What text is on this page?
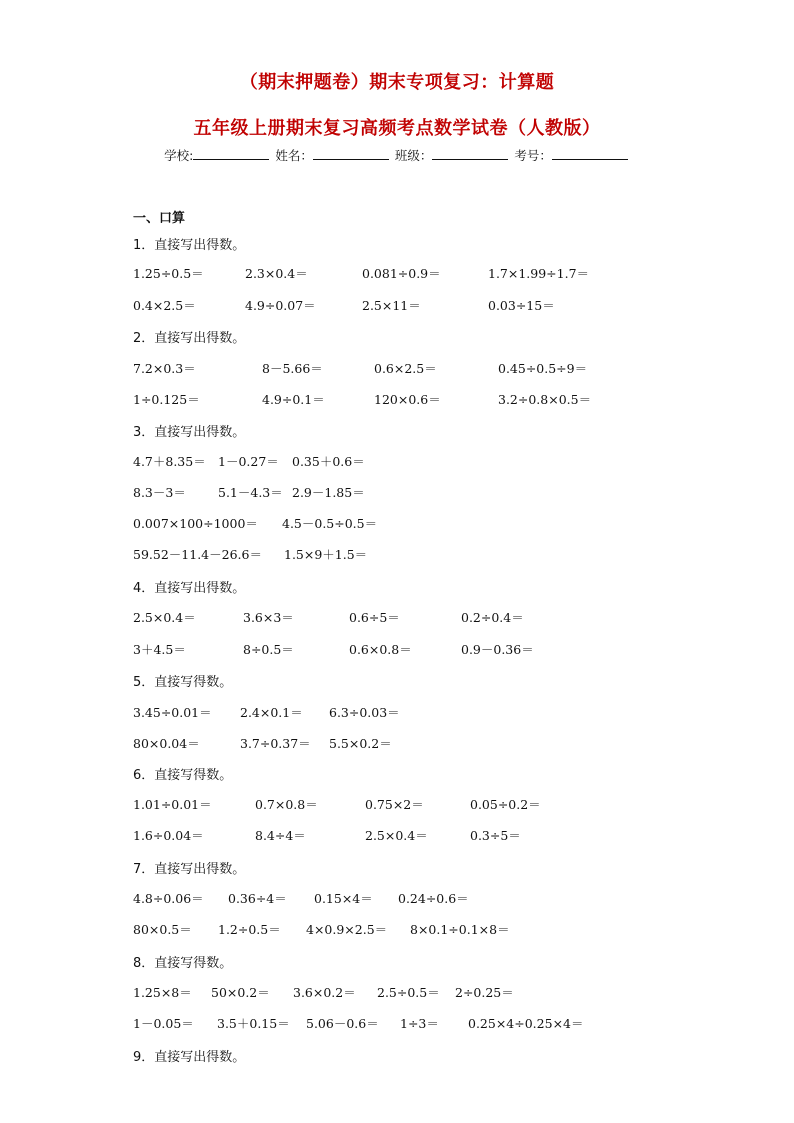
（期末押题卷）期末专项复习：计算题
五年级上册期末复习高频考点数学试卷（人教版）
学校:	姓名：	班级：	考号：
一、口算
1．直接写出得数。
1.25÷0.5＝	2.3×0.4＝	0.081÷0.9＝	1.7×1.99÷1.7＝
0.4×2.5＝	4.9÷0.07＝	2.5×11＝	0.03÷15＝
2．直接写出得数。
7.2×0.3＝	8－5.66＝	0.6×2.5＝	0.45÷0.5÷9＝
1÷0.125＝	4.9÷0.1＝	120×0.6＝	3.2÷0.8×0.5＝
3．直接写出得数。
4.7＋8.35＝ 1－0.27＝ 0.35＋0.6＝
8.3－3＝	5.1－4.3＝ 2.9－1.85＝
0.007×100÷1000＝ 4.5－0.5÷0.5＝
59.52－11.4－26.6＝ 1.5×9＋1.5＝
4．直接写出得数。
2.5×0.4＝	3.6×3＝	0.6÷5＝	0.2÷0.4＝
3＋4.5＝	8÷0.5＝	0.6×0.8＝	0.9－0.36＝
5．直接写得数。
3.45÷0.01＝ 2.4×0.1＝ 6.3÷0.03＝
80×0.04＝	3.7÷0.37＝ 5.5×0.2＝
6．直接写得数。
1.01÷0.01＝	0.7×0.8＝	0.75×2＝	0.05÷0.2＝
1.6÷0.04＝	8.4÷4＝	2.5×0.4＝	0.3÷5＝
7．直接写出得数。
4.8÷0.06＝ 0.36÷4＝ 0.15×4＝ 0.24÷0.6＝
80×0.5＝ 1.2÷0.5＝ 4×0.9×2.5＝ 8×0.1÷0.1×8＝
8．直接写得数。
1.25×8＝ 50×0.2＝ 3.6×0.2＝ 2.5÷0.5＝ 2÷0.25＝
1－0.05＝ 3.5＋0.15＝ 5.06－0.6＝ 1÷3＝ 0.25×4÷0.25×4＝
9．直接写出得数。
